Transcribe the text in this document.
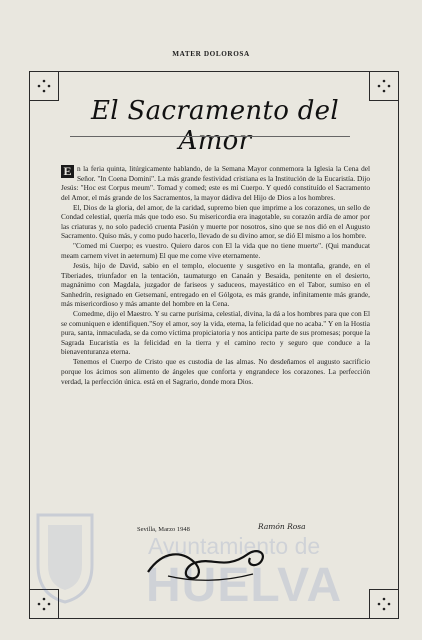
MATER DOLOROSA
El Sacramento del Amor

E n la feria quinta, litúrgicamente hablando, de la Semana Mayor conmemora la Iglesia la Cena del Señor. "In Coena Domini". La más grande festividad cristiana es la Institución de la Eucaristía. Dijo Jesús: "Hoc est Corpus meum". Tomad y comed; este es mi Cuerpo. Y quedó constituído el Sacramento del Amor, el más grande de los Sacramentos, la mayor dádiva del Hijo de Dios a los hombres.

El, Dios de la gloria, del amor, de la caridad, supremo bien que imprime a los corazones, un sello de Condad celestial, quería más que todo eso. Su misericordia era inagotable, su corazón ardía de amor por las criaturas y, no solo padeció cruenta Pasión y muerte por nosotros, sino que se nos dió en el Augusto Sacramento. Quiso más, y como pudo hacerlo, llevado de su divino amor, se dió El mismo a los hombre.

"Comed mi Cuerpo; es vuestro. Quiero daros con El la vida que no tiene muerte". (Qui manducat meam carnem vivet in aeternum) El que me come vive eternamente.

Jesús, hijo de David, sabio en el templo, elocuente y susgetivo en la montaña, grande, en el Tiberiades, triunfador en la tentación, taumaturgo en Canaán y Besaida, penitente en el desierto, magnánimo con Magdala, juzgador de fariseos y saduceos, mayestático en el Tabor, sumiso en el Sanhedrín, resignado en Getsemaní, entregado en el Gólgota, es más grande, infinitamente más grande, más misericordioso y más amante del hombre en la Cena.

Comedme, dijo el Maestro. Y su carne purísima, celestial, divina, la dá a los hombres para que con El se comuniquen e identifiquen."Soy el amor, soy la vida, eterna, la felicidad que no acaba." Y en la Hostia pura, santa, inmaculada, se da como víctima propiciatoria y nos anticipa parte de sus promesas; porque la Sagrada Eucaristía es la felicidad en la tierra y el camino recto y seguro que conduce a la bienaventuranza eterna.

Tenemos el Cuerpo de Cristo que es custodia de las almas. No desdeñamos el augusto sacrificio porque los ácimos son alimento de ángeles que conforta y engrandece los corazones. La perfección verdad, la perfección única. está en el Sagrario, donde mora Dios.

Ayuntamiento de
HUELVA
Sevilla, Marzo 1948	Ramón Rosa
